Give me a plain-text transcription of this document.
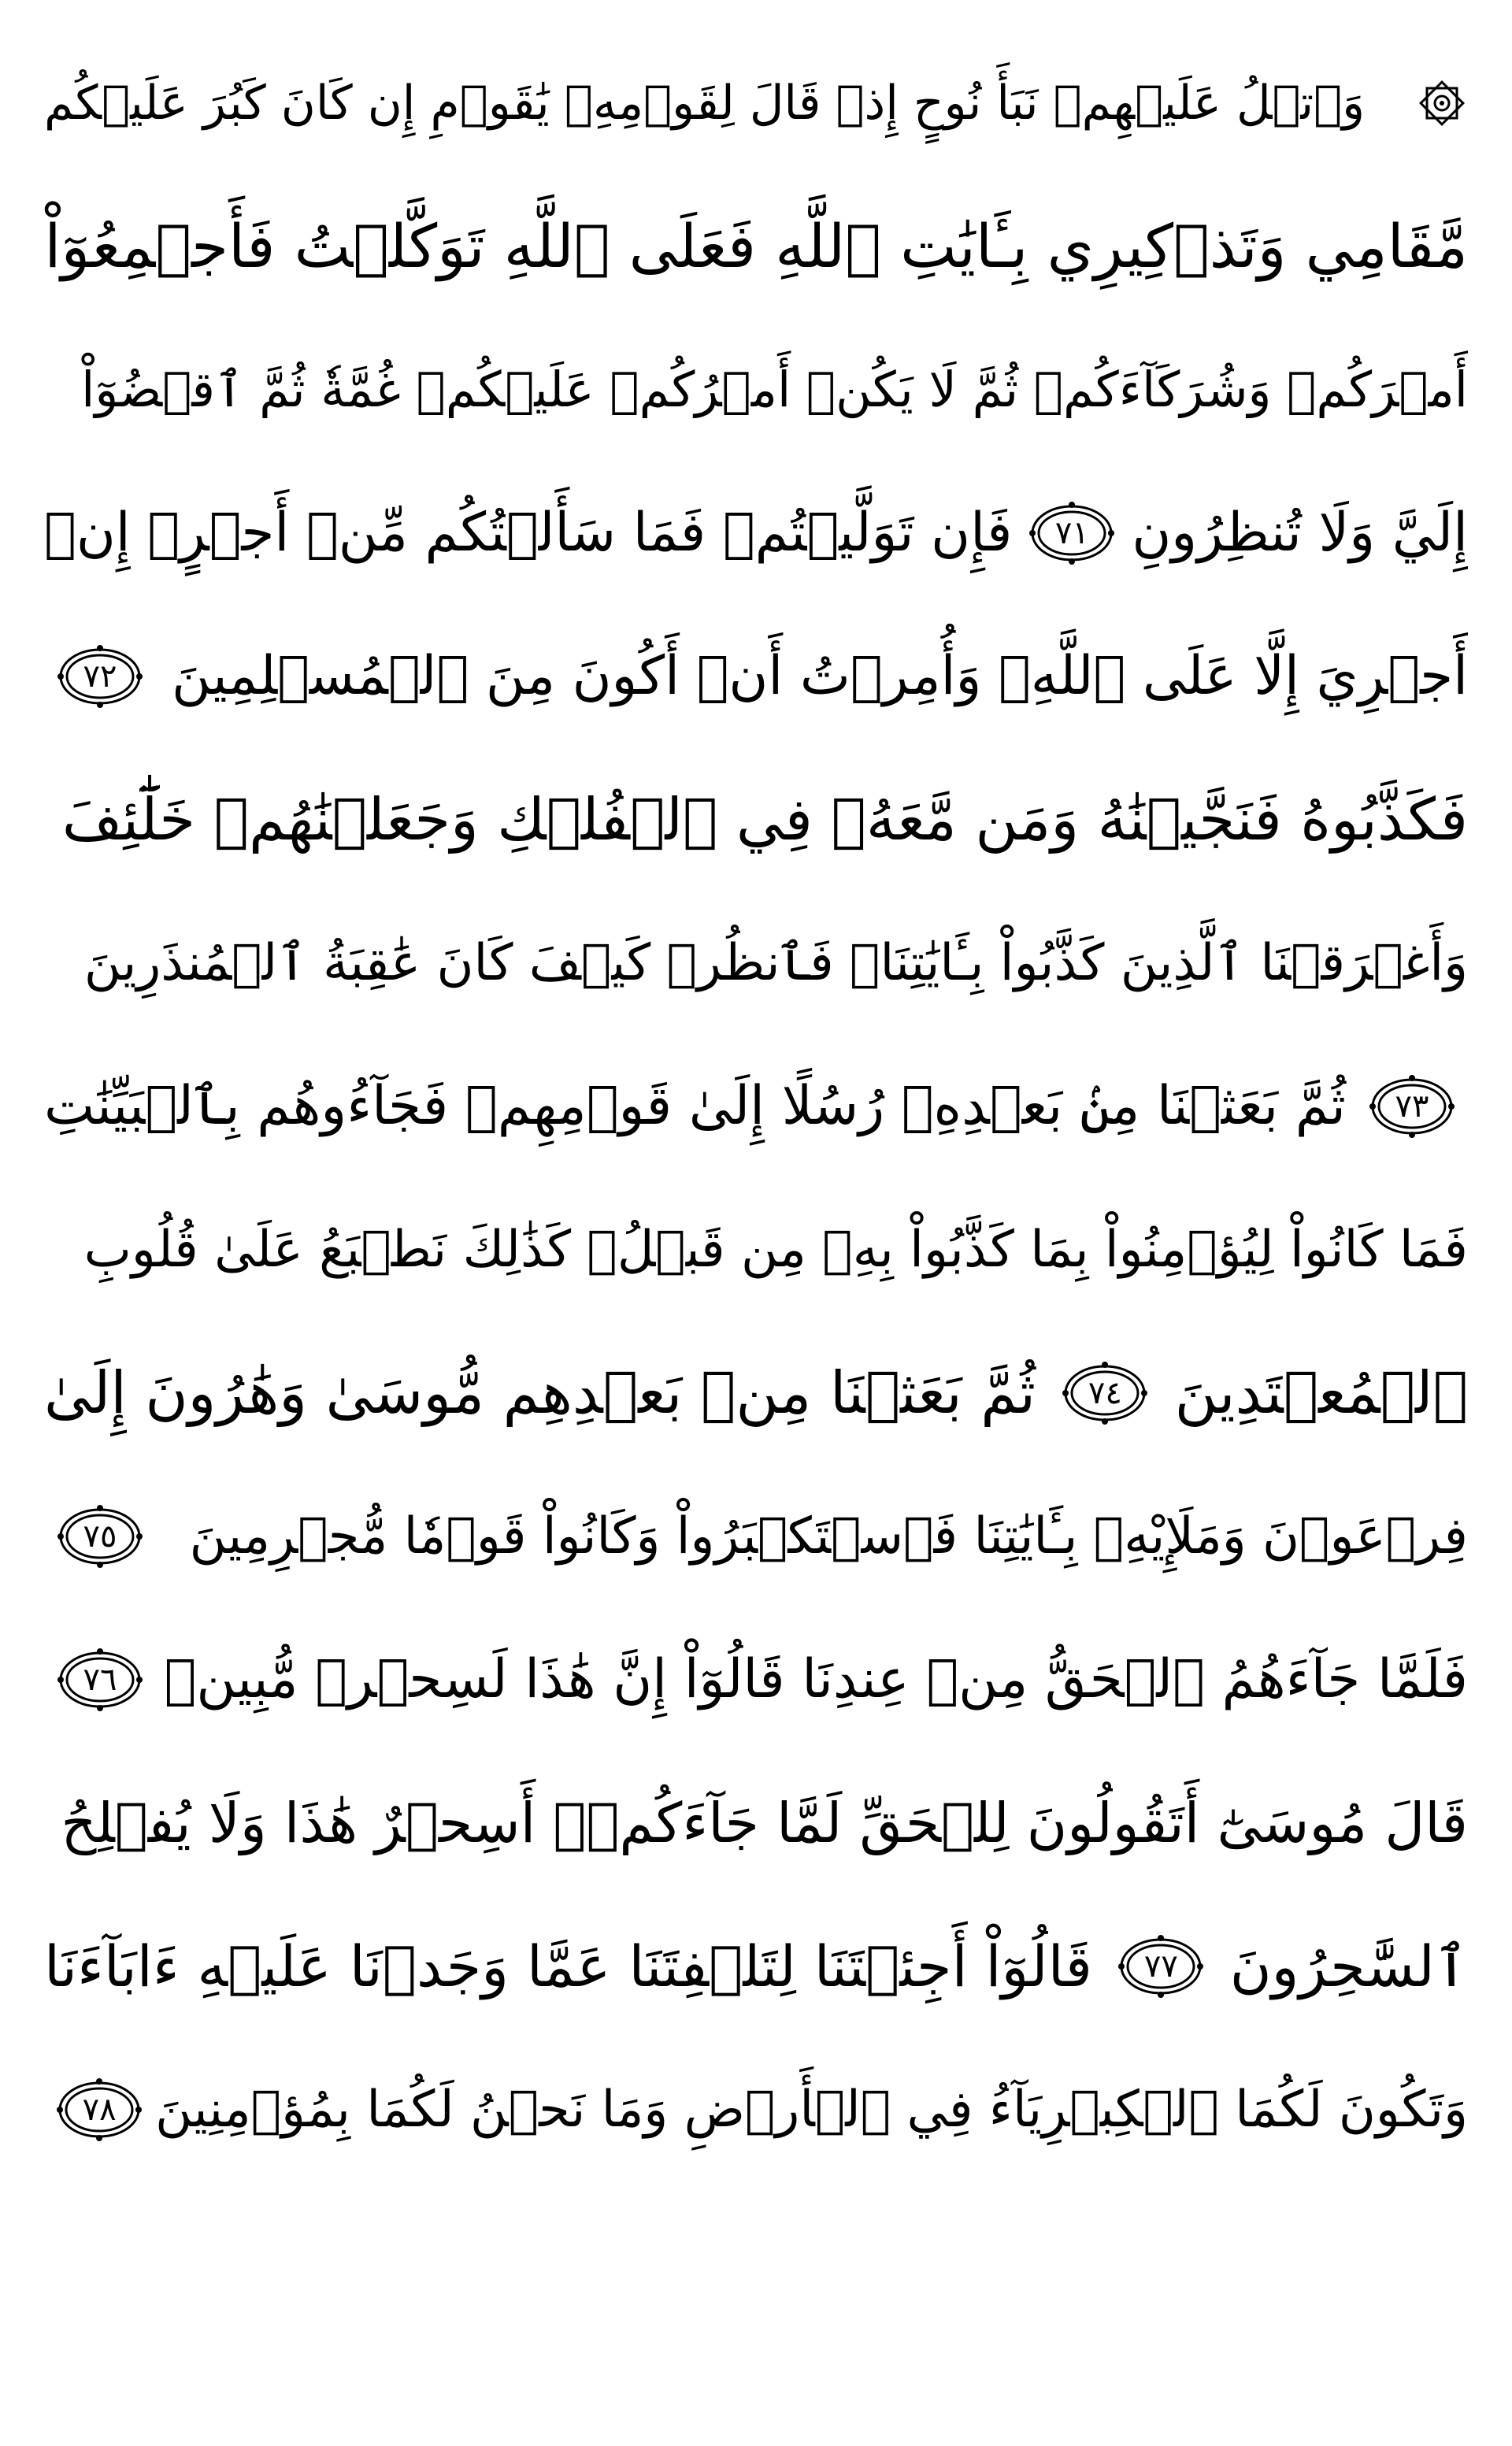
وَٱتۡلُ عَلَيۡهِمۡ نَبَأَ نُوحٍ إِذۡ قَالَ لِقَوۡمِهِۦ يَٰقَوۡمِ إِن كَانَ كَبُرَ عَلَيۡكُم
مَّقَامِي وَتَذۡكِيرِي بِـَٔايَٰتِ ٱللَّهِ فَعَلَى ٱللَّهِ تَوَكَّلۡتُ فَأَجۡمِعُوٓاْ
أَمۡرَكُمۡ وَشُرَكَآءَكُمۡ ثُمَّ لَا يَكُنۡ أَمۡرُكُمۡ عَلَيۡكُمۡ غُمَّةٗ ثُمَّ ٱقۡضُوٓاْ
إِلَيَّ وَلَا تُنظِرُونِ
٧١
فَإِن تَوَلَّيۡتُمۡ فَمَا سَأَلۡتُكُم مِّنۡ أَجۡرٍۖ إِنۡ
أَجۡرِيَ إِلَّا عَلَى ٱللَّهِۖ وَأُمِرۡتُ أَنۡ أَكُونَ مِنَ ٱلۡمُسۡلِمِينَ
٧٢
فَكَذَّبُوهُ فَنَجَّيۡنَٰهُ وَمَن مَّعَهُۥ فِي ٱلۡفُلۡكِ وَجَعَلۡنَٰهُمۡ خَلَٰٓئِفَ
وَأَغۡرَقۡنَا ٱلَّذِينَ كَذَّبُواْ بِـَٔايَٰتِنَاۖ فَٱنظُرۡ كَيۡفَ كَانَ عَٰقِبَةُ ٱلۡمُنذَرِينَ
٧٣
ثُمَّ بَعَثۡنَا مِنۢ بَعۡدِهِۦ رُسُلًا إِلَىٰ قَوۡمِهِمۡ فَجَآءُوهُم بِٱلۡبَيِّنَٰتِ
فَمَا كَانُواْ لِيُؤۡمِنُواْ بِمَا كَذَّبُواْ بِهِۦ مِن قَبۡلُۚ كَذَٰلِكَ نَطۡبَعُ عَلَىٰ قُلُوبِ
ٱلۡمُعۡتَدِينَ
٧٤
ثُمَّ بَعَثۡنَا مِنۢ بَعۡدِهِم مُّوسَىٰ وَهَٰرُونَ إِلَىٰ
فِرۡعَوۡنَ وَمَلَإِيْهِۦ بِـَٔايَٰتِنَا فَٱسۡتَكۡبَرُواْ وَكَانُواْ قَوۡمٗا مُّجۡرِمِينَ
٧٥
فَلَمَّا جَآءَهُمُ ٱلۡحَقُّ مِنۡ عِندِنَا قَالُوٓاْ إِنَّ هَٰذَا لَسِحۡرٞ مُّبِينٞ
٧٦
قَالَ مُوسَىٰٓ أَتَقُولُونَ لِلۡحَقِّ لَمَّا جَآءَكُمۡۖ أَسِحۡرٌ هَٰذَا وَلَا يُفۡلِحُ
ٱلسَّٰحِرُونَ
٧٧
قَالُوٓاْ أَجِئۡتَنَا لِتَلۡفِتَنَا عَمَّا وَجَدۡنَا عَلَيۡهِ ءَابَآءَنَا
وَتَكُونَ لَكُمَا ٱلۡكِبۡرِيَآءُ فِي ٱلۡأَرۡضِ وَمَا نَحۡنُ لَكُمَا بِمُؤۡمِنِينَ
٧٨
